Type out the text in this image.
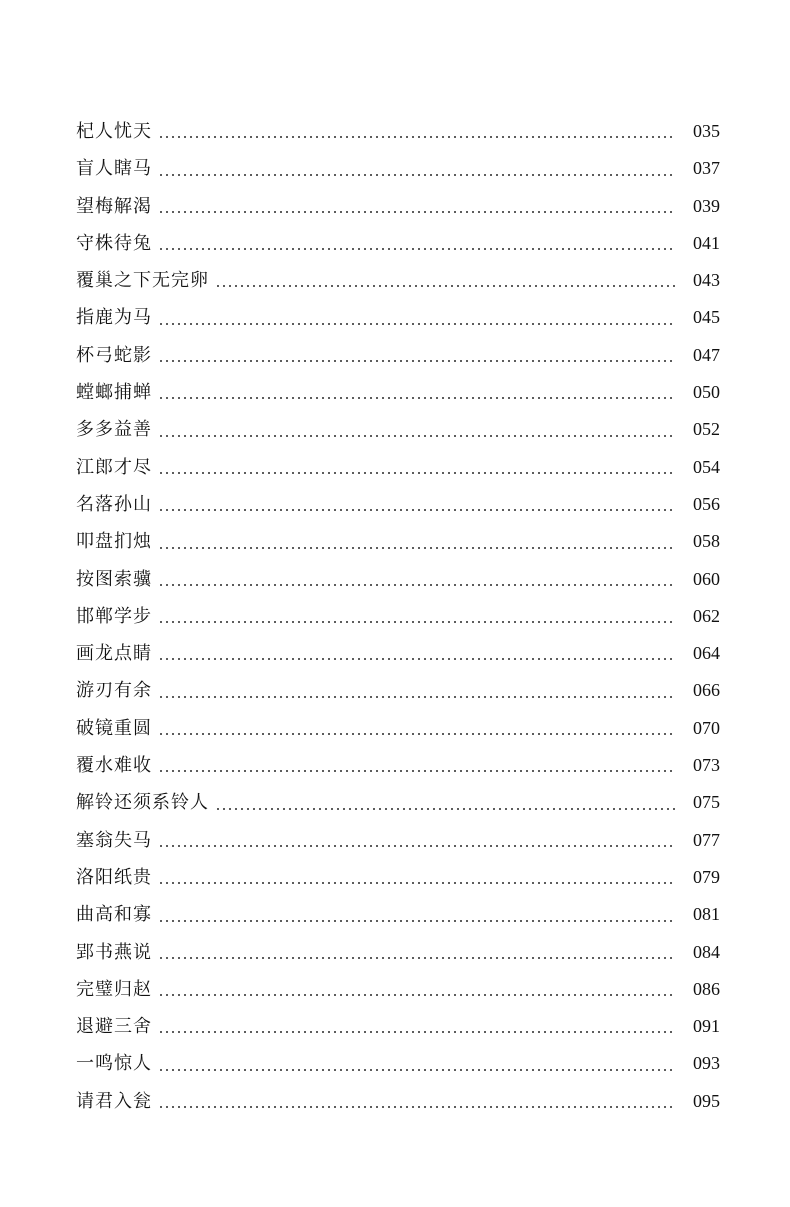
杞人忧天	035
盲人瞎马	037
望梅解渴	039
守株待兔	041
覆巢之下无完卵	043
指鹿为马	045
杯弓蛇影	047
螳螂捕蝉	050
多多益善	052
江郎才尽	054
名落孙山	056
叩盘扪烛	058
按图索骥	060
邯郸学步	062
画龙点睛	064
游刃有余	066
破镜重圆	070
覆水难收	073
解铃还须系铃人	075
塞翁失马	077
洛阳纸贵	079
曲高和寡	081
郢书燕说	084
完璧归赵	086
退避三舍	091
一鸣惊人	093
请君入瓮	095
